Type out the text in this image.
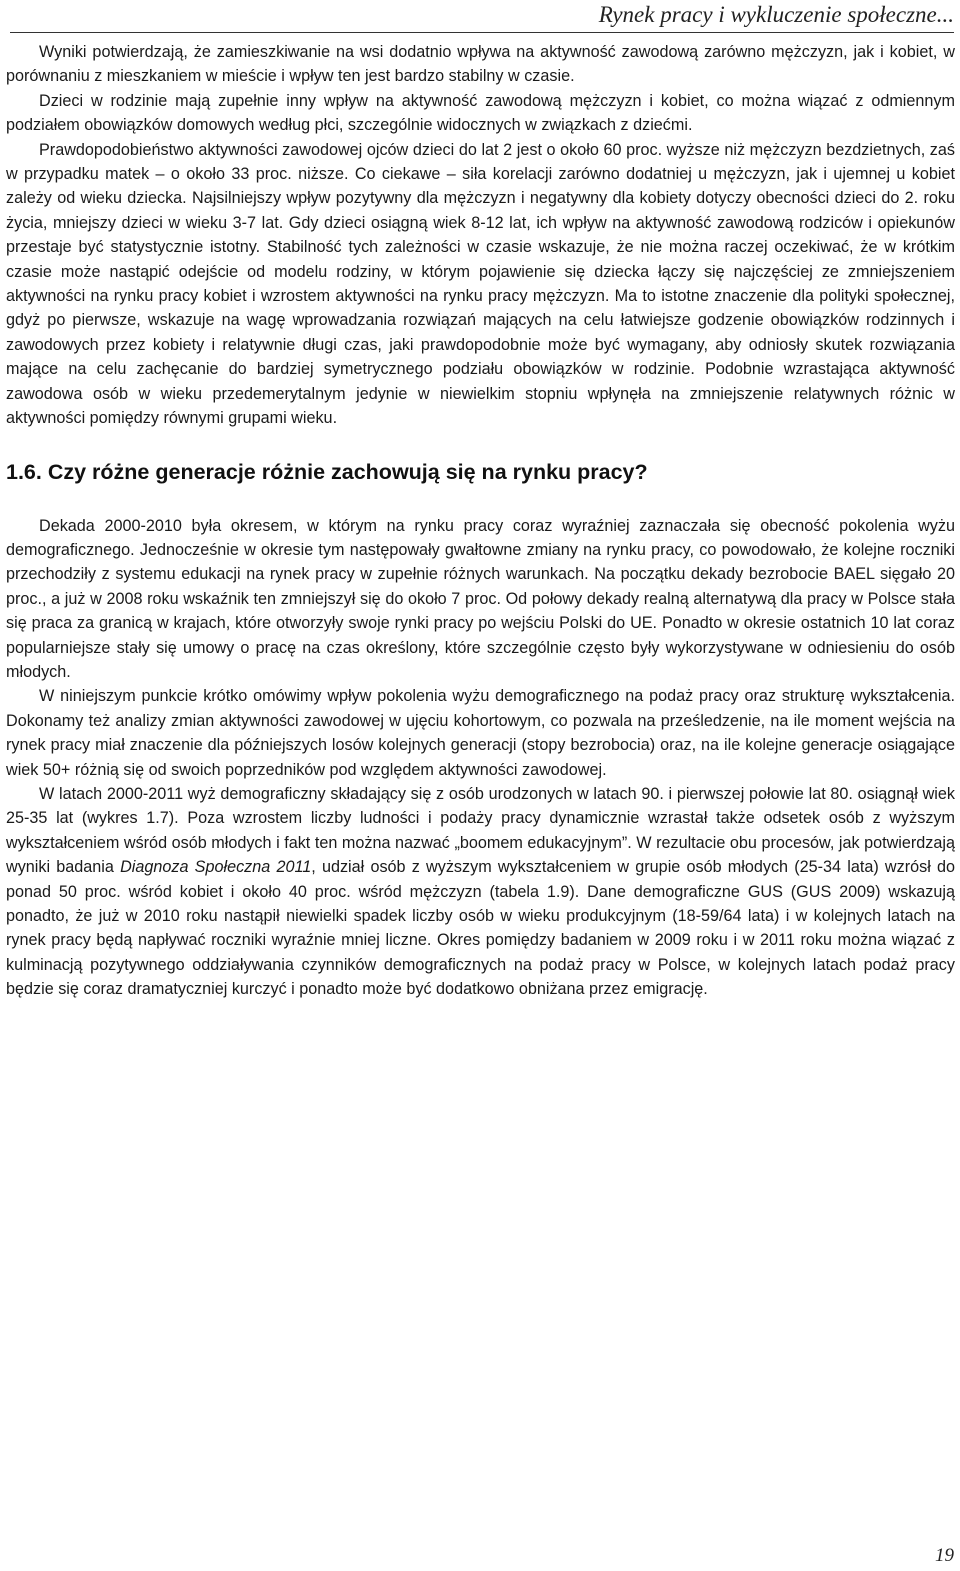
Rynek pracy i wykluczenie społeczne...

Wyniki potwierdzają, że zamieszkiwanie na wsi dodatnio wpływa na aktywność zawodową zarówno mężczyzn, jak i kobiet, w porównaniu z mieszkaniem w mieście i wpływ ten jest bardzo stabilny w czasie.

Dzieci w rodzinie mają zupełnie inny wpływ na aktywność zawodową mężczyzn i kobiet, co można wiązać z odmiennym podziałem obowiązków domowych według płci, szczególnie widocznych w związkach z dziećmi.

Prawdopodobieństwo aktywności zawodowej ojców dzieci do lat 2 jest o około 60 proc. wyższe niż mężczyzn bezdzietnych, zaś w przypadku matek – o około 33 proc. niższe. Co ciekawe – siła korelacji zarówno dodatniej u mężczyzn, jak i ujemnej u kobiet zależy od wieku dziecka. Najsilniejszy wpływ pozytywny dla mężczyzn i negatywny dla kobiety dotyczy obecności dzieci do 2. roku życia, mniejszy dzieci w wieku 3-7 lat. Gdy dzieci osiągną wiek 8-12 lat, ich wpływ na aktywność zawodową rodziców i opiekunów przestaje być statystycznie istotny. Stabilność tych zależności w czasie wskazuje, że nie można raczej oczekiwać, że w krótkim czasie może nastąpić odejście od modelu rodziny, w którym pojawienie się dziecka łączy się najczęściej ze zmniejszeniem aktywności na rynku pracy kobiet i wzrostem aktywności na rynku pracy mężczyzn. Ma to istotne znaczenie dla polityki społecznej, gdyż po pierwsze, wskazuje na wagę wprowadzania rozwiązań mających na celu łatwiejsze godzenie obowiązków rodzinnych i zawodowych przez kobiety i relatywnie długi czas, jaki prawdopodobnie może być wymagany, aby odniosły skutek rozwiązania mające na celu zachęcanie do bardziej symetrycznego podziału obowiązków w rodzinie. Podobnie wzrastająca aktywność zawodowa osób w wieku przedemerytalnym jedynie w niewielkim stopniu wpłynęła na zmniejszenie relatywnych różnic w aktywności pomiędzy równymi grupami wieku.

1.6. Czy różne generacje różnie zachowują się na rynku pracy?

Dekada 2000-2010 była okresem, w którym na rynku pracy coraz wyraźniej zaznaczała się obecność pokolenia wyżu demograficznego. Jednocześnie w okresie tym następowały gwałtowne zmiany na rynku pracy, co powodowało, że kolejne roczniki przechodziły z systemu edukacji na rynek pracy w zupełnie różnych warunkach. Na początku dekady bezrobocie BAEL sięgało 20 proc., a już w 2008 roku wskaźnik ten zmniejszył się do około 7 proc. Od połowy dekady realną alternatywą dla pracy w Polsce stała się praca za granicą w krajach, które otworzyły swoje rynki pracy po wejściu Polski do UE. Ponadto w okresie ostatnich 10 lat coraz popularniejsze stały się umowy o pracę na czas określony, które szczególnie często były wykorzystywane w odniesieniu do osób młodych.

W niniejszym punkcie krótko omówimy wpływ pokolenia wyżu demograficznego na podaż pracy oraz strukturę wykształcenia. Dokonamy też analizy zmian aktywności zawodowej w ujęciu kohortowym, co pozwala na prześledzenie, na ile moment wejścia na rynek pracy miał znaczenie dla późniejszych losów kolejnych generacji (stopy bezrobocia) oraz, na ile kolejne generacje osiągające wiek 50+ różnią się od swoich poprzedników pod względem aktywności zawodowej.

W latach 2000-2011 wyż demograficzny składający się z osób urodzonych w latach 90. i pierwszej połowie lat 80. osiągnął wiek 25-35 lat (wykres 1.7). Poza wzrostem liczby ludności i podaży pracy dynamicznie wzrastał także odsetek osób z wyższym wykształceniem wśród osób młodych i fakt ten można nazwać „boomem edukacyjnym”. W rezultacie obu procesów, jak potwierdzają wyniki badania Diagnoza Społeczna 2011, udział osób z wyższym wykształceniem w grupie osób młodych (25-34 lata) wzrósł do ponad 50 proc. wśród kobiet i około 40 proc. wśród mężczyzn (tabela 1.9). Dane demograficzne GUS (GUS 2009) wskazują ponadto, że już w 2010 roku nastąpił niewielki spadek liczby osób w wieku produkcyjnym (18-59/64 lata) i w kolejnych latach na rynek pracy będą napływać roczniki wyraźnie mniej liczne. Okres pomiędzy badaniem w 2009 roku i w 2011 roku można wiązać z kulminacją pozytywnego oddziaływania czynników demograficznych na podaż pracy w Polsce, w kolejnych latach podaż pracy będzie się coraz dramatyczniej kurczyć i ponadto może być dodatkowo obniżana przez emigrację.

19
